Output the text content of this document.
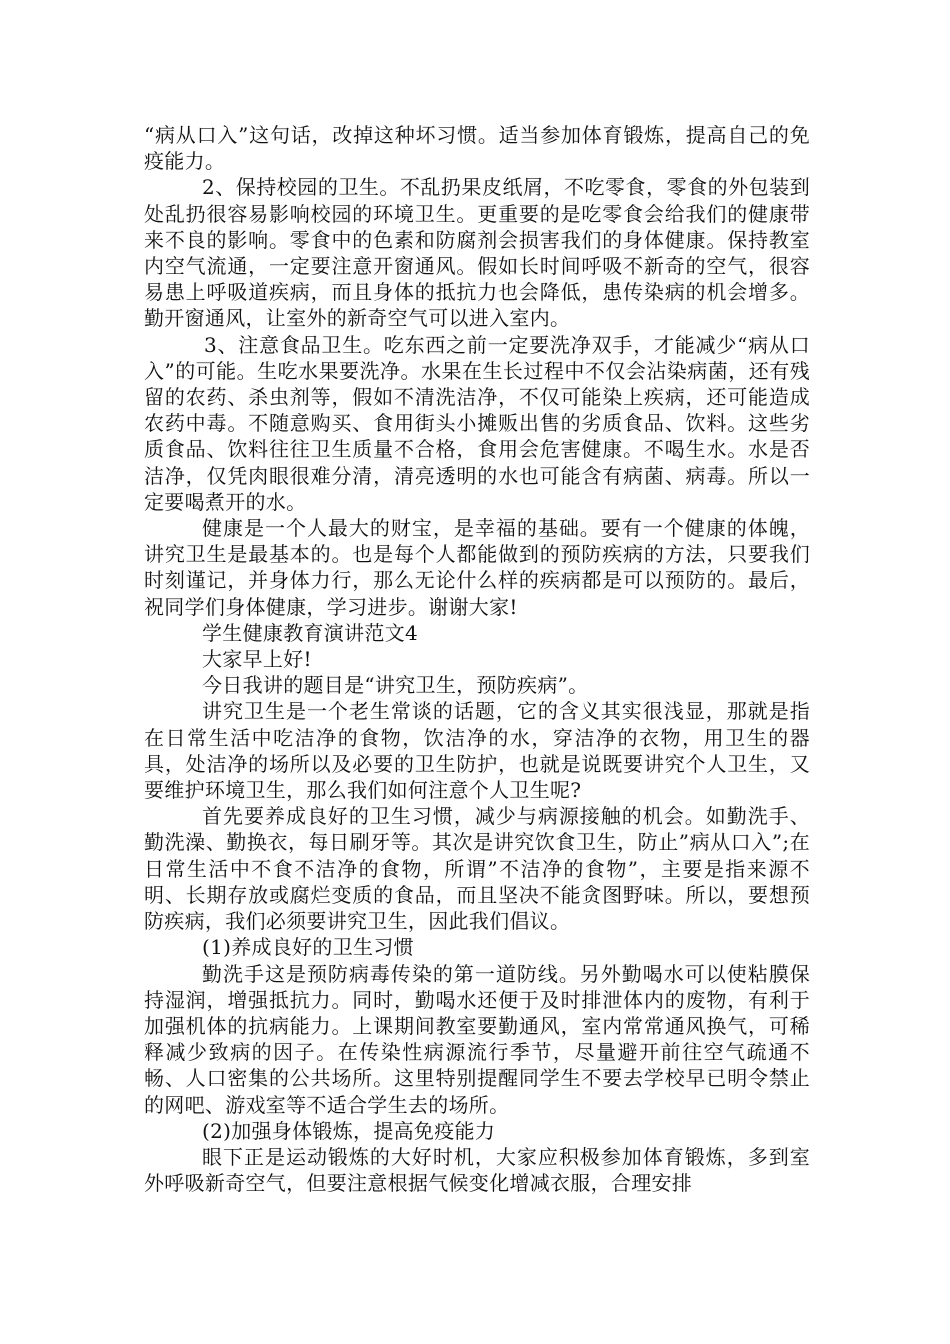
“病从口入”这句话，改掉这种坏习惯。适当参加体育锻炼，提高自己的免疫能力。

2、保持校园的卫生。不乱扔果皮纸屑，不吃零食，零食的外包装到处乱扔很容易影响校园的环境卫生。更重要的是吃零食会给我们的健康带来不良的影响。零食中的色素和防腐剂会损害我们的身体健康。保持教室内空气流通，一定要注意开窗通风。假如长时间呼吸不新奇的空气，很容易患上呼吸道疾病，而且身体的抵抗力也会降低，患传染病的机会增多。勤开窗通风，让室外的新奇空气可以进入室内。

3、注意食品卫生。吃东西之前一定要洗净双手，才能减少“病从口入”的可能。生吃水果要洗净。水果在生长过程中不仅会沾染病菌，还有残留的农药、杀虫剂等，假如不清洗洁净，不仅可能染上疾病，还可能造成农药中毒。不随意购买、食用街头小摊贩出售的劣质食品、饮料。这些劣质食品、饮料往往卫生质量不合格，食用会危害健康。不喝生水。水是否洁净，仅凭肉眼很难分清，清亮透明的水也可能含有病菌、病毒。所以一定要喝煮开的水。

健康是一个人最大的财宝，是幸福的基础。要有一个健康的体魄，讲究卫生是最基本的。也是每个人都能做到的预防疾病的方法，只要我们时刻谨记，并身体力行，那么无论什么样的疾病都是可以预防的。最后，祝同学们身体健康，学习进步。谢谢大家!

学生健康教育演讲范文4

大家早上好!

今日我讲的题目是“讲究卫生，预防疾病”。

讲究卫生是一个老生常谈的话题，它的含义其实很浅显，那就是指在日常生活中吃洁净的食物，饮洁净的水，穿洁净的衣物，用卫生的器具，处洁净的场所以及必要的卫生防护，也就是说既要讲究个人卫生，又要维护环境卫生，那么我们如何注意个人卫生呢?

首先要养成良好的卫生习惯，减少与病源接触的机会。如勤洗手、勤洗澡、勤换衣，每日刷牙等。其次是讲究饮食卫生，防止”病从口入”;在日常生活中不食不洁净的食物，所谓”不洁净的食物”，主要是指来源不明、长期存放或腐烂变质的食品，而且坚决不能贪图野味。所以，要想预防疾病，我们必须要讲究卫生，因此我们倡议。

(1)养成良好的卫生习惯

勤洗手这是预防病毒传染的第一道防线。另外勤喝水可以使粘膜保持湿润，增强抵抗力。同时，勤喝水还便于及时排泄体内的废物，有利于加强机体的抗病能力。上课期间教室要勤通风，室内常常通风换气，可稀释减少致病的因子。在传染性病源流行季节，尽量避开前往空气疏通不畅、人口密集的公共场所。这里特别提醒同学生不要去学校早已明令禁止的网吧、游戏室等不适合学生去的场所。

(2)加强身体锻炼，提高免疫能力

眼下正是运动锻炼的大好时机，大家应积极参加体育锻炼，多到室外呼吸新奇空气，但要注意根据气候变化增减衣服，合理安排
